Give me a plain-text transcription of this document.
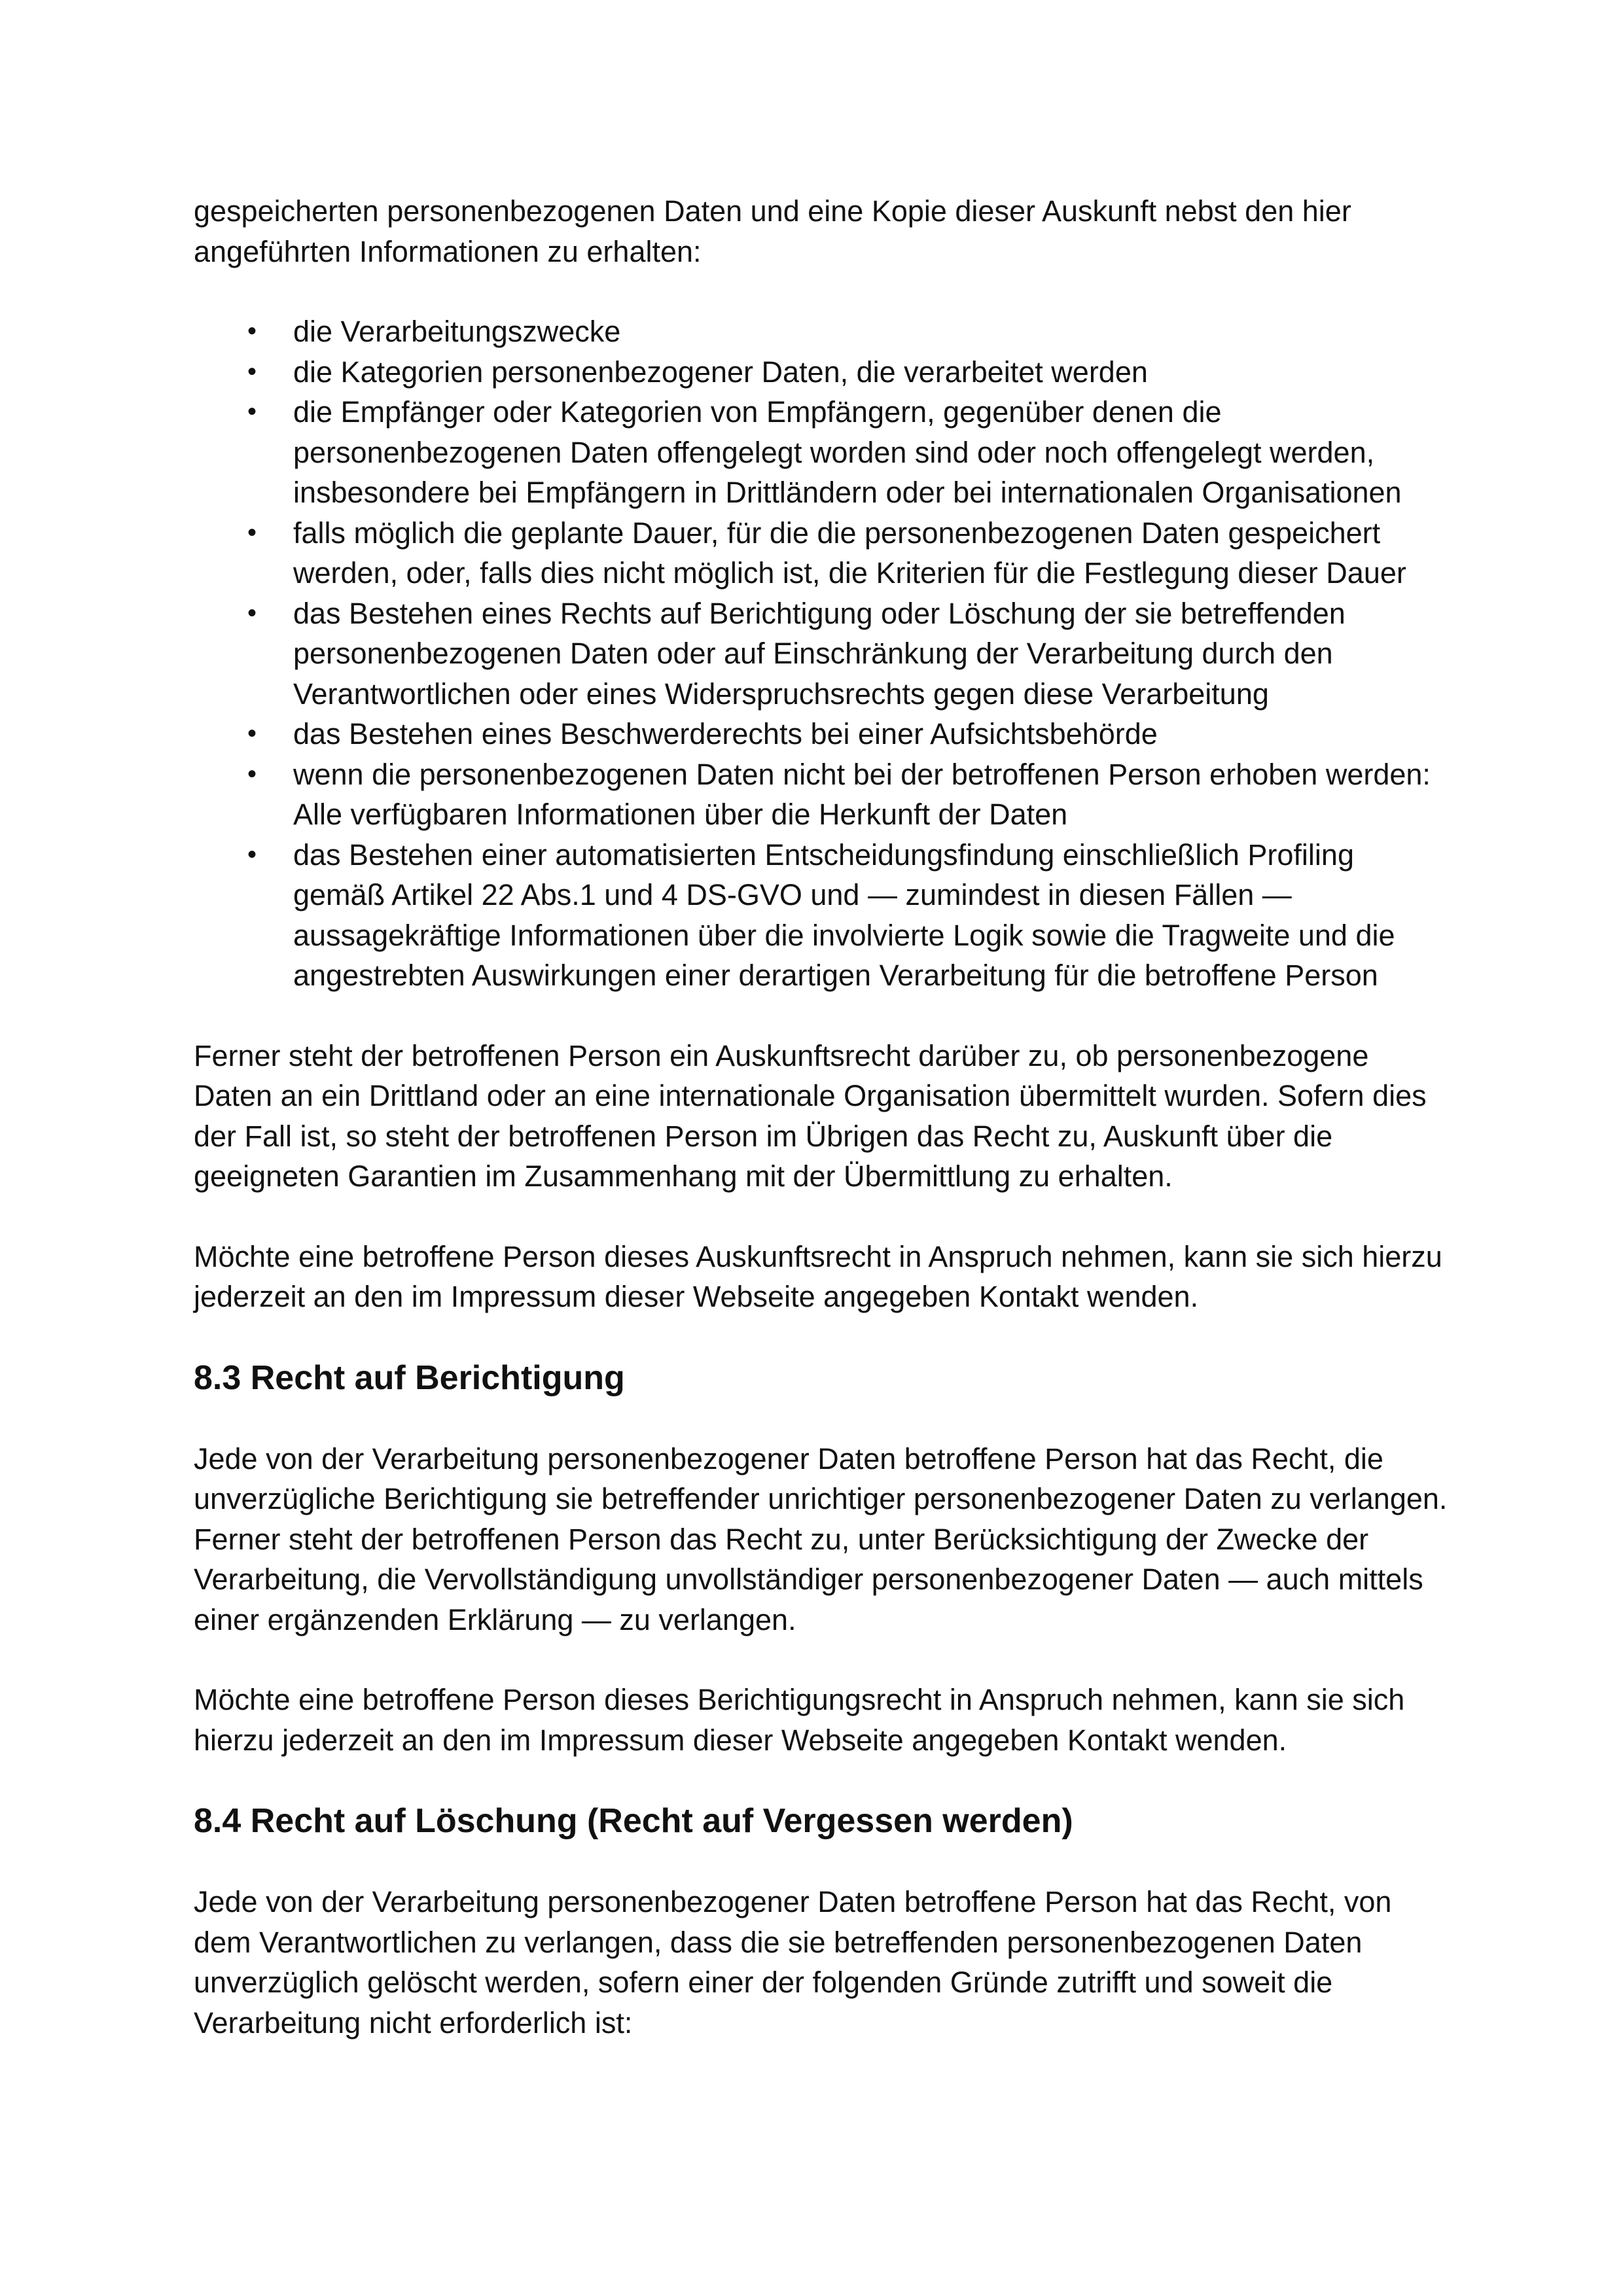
gespeicherten personenbezogenen Daten und eine Kopie dieser Auskunft nebst den hier angeführten Informationen zu erhalten:

• die Verarbeitungszwecke
• die Kategorien personenbezogener Daten, die verarbeitet werden
• die Empfänger oder Kategorien von Empfängern, gegenüber denen die personenbezogenen Daten offengelegt worden sind oder noch offengelegt werden, insbesondere bei Empfängern in Drittländern oder bei internationalen Organisationen
• falls möglich die geplante Dauer, für die die personenbezogenen Daten gespeichert werden, oder, falls dies nicht möglich ist, die Kriterien für die Festlegung dieser Dauer
• das Bestehen eines Rechts auf Berichtigung oder Löschung der sie betreffenden personenbezogenen Daten oder auf Einschränkung der Verarbeitung durch den Verantwortlichen oder eines Widerspruchsrechts gegen diese Verarbeitung
• das Bestehen eines Beschwerderechts bei einer Aufsichtsbehörde
• wenn die personenbezogenen Daten nicht bei der betroffenen Person erhoben werden: Alle verfügbaren Informationen über die Herkunft der Daten
• das Bestehen einer automatisierten Entscheidungsfindung einschließlich Profiling gemäß Artikel 22 Abs.1 und 4 DS-GVO und — zumindest in diesen Fällen — aussagekräftige Informationen über die involvierte Logik sowie die Tragweite und die angestrebten Auswirkungen einer derartigen Verarbeitung für die betroffene Person

Ferner steht der betroffenen Person ein Auskunftsrecht darüber zu, ob personenbezogene Daten an ein Drittland oder an eine internationale Organisation übermittelt wurden. Sofern dies der Fall ist, so steht der betroffenen Person im Übrigen das Recht zu, Auskunft über die geeigneten Garantien im Zusammenhang mit der Übermittlung zu erhalten.

Möchte eine betroffene Person dieses Auskunftsrecht in Anspruch nehmen, kann sie sich hierzu jederzeit an den im Impressum dieser Webseite angegeben Kontakt wenden.

8.3 Recht auf Berichtigung

Jede von der Verarbeitung personenbezogener Daten betroffene Person hat das Recht, die unverzügliche Berichtigung sie betreffender unrichtiger personenbezogener Daten zu verlangen. Ferner steht der betroffenen Person das Recht zu, unter Berücksichtigung der Zwecke der Verarbeitung, die Vervollständigung unvollständiger personenbezogener Daten — auch mittels einer ergänzenden Erklärung — zu verlangen.

Möchte eine betroffene Person dieses Berichtigungsrecht in Anspruch nehmen, kann sie sich hierzu jederzeit an den im Impressum dieser Webseite angegeben Kontakt wenden.

8.4 Recht auf Löschung (Recht auf Vergessen werden)

Jede von der Verarbeitung personenbezogener Daten betroffene Person hat das Recht, von dem Verantwortlichen zu verlangen, dass die sie betreffenden personenbezogenen Daten unverzüglich gelöscht werden, sofern einer der folgenden Gründe zutrifft und soweit die Verarbeitung nicht erforderlich ist:
